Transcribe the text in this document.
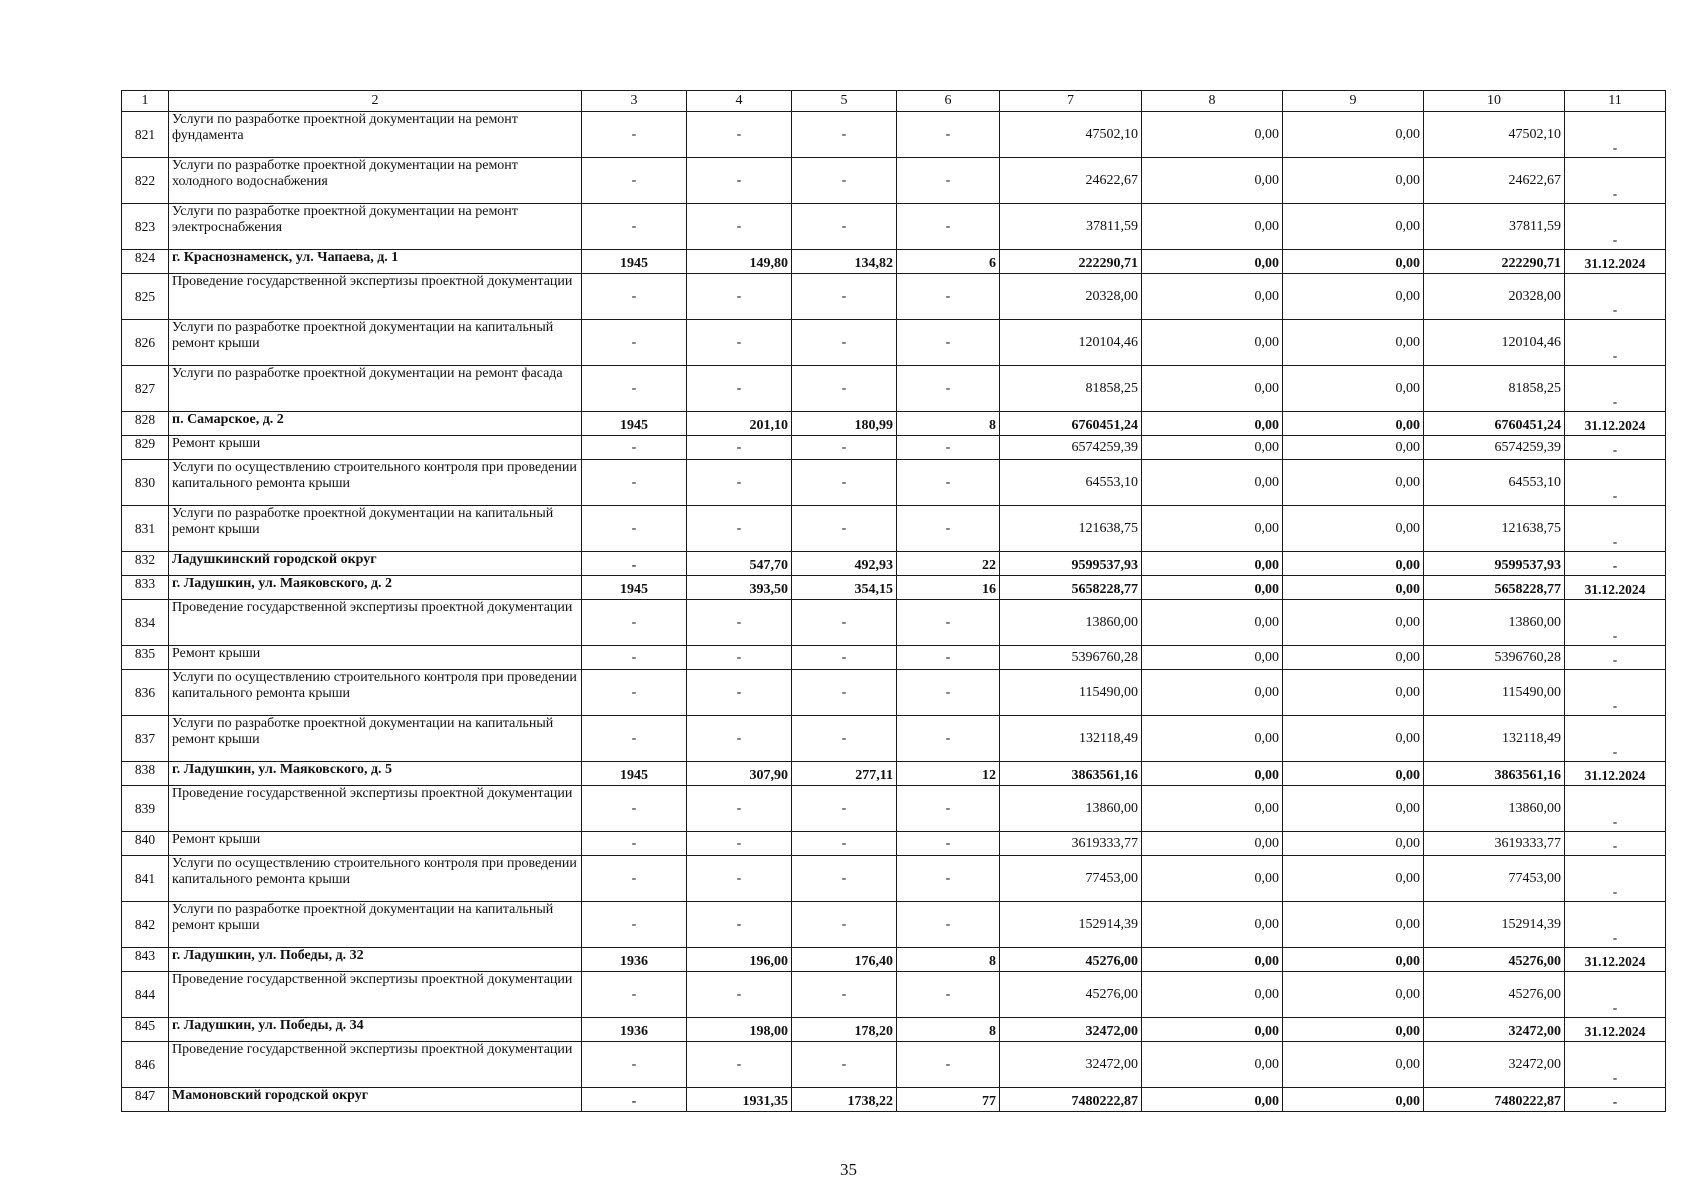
1	2	3	4	5	6	7	8	9	10	11
821	Услуги по разработке проектной документации на ремонт фундамента	-	-	-	-	47502,10	0,00	0,00	47502,10	-
822	Услуги по разработке проектной документации на ремонт холодного водоснабжения	-	-	-	-	24622,67	0,00	0,00	24622,67	-
823	Услуги по разработке проектной документации на ремонт электроснабжения	-	-	-	-	37811,59	0,00	0,00	37811,59	-
824	г. Краснознаменск, ул. Чапаева, д. 1	1945	149,80	134,82	6	222290,71	0,00	0,00	222290,71	31.12.2024
825	Проведение государственной экспертизы проектной документации	-	-	-	-	20328,00	0,00	0,00	20328,00	-
826	Услуги по разработке проектной документации на капитальный ремонт крыши	-	-	-	-	120104,46	0,00	0,00	120104,46	-
827	Услуги по разработке проектной документации на ремонт фасада	-	-	-	-	81858,25	0,00	0,00	81858,25	-
828	п. Самарское, д. 2	1945	201,10	180,99	8	6760451,24	0,00	0,00	6760451,24	31.12.2024
829	Ремонт крыши	-	-	-	-	6574259,39	0,00	0,00	6574259,39	-
830	Услуги по осуществлению строительного контроля при проведении капитального ремонта крыши	-	-	-	-	64553,10	0,00	0,00	64553,10	-
831	Услуги по разработке проектной документации на капитальный ремонт крыши	-	-	-	-	121638,75	0,00	0,00	121638,75	-
832	Ладушкинский городской округ	-	547,70	492,93	22	9599537,93	0,00	0,00	9599537,93	-
833	г. Ладушкин, ул. Маяковского, д. 2	1945	393,50	354,15	16	5658228,77	0,00	0,00	5658228,77	31.12.2024
834	Проведение государственной экспертизы проектной документации	-	-	-	-	13860,00	0,00	0,00	13860,00	-
835	Ремонт крыши	-	-	-	-	5396760,28	0,00	0,00	5396760,28	-
836	Услуги по осуществлению строительного контроля при проведении капитального ремонта крыши	-	-	-	-	115490,00	0,00	0,00	115490,00	-
837	Услуги по разработке проектной документации на капитальный ремонт крыши	-	-	-	-	132118,49	0,00	0,00	132118,49	-
838	г. Ладушкин, ул. Маяковского, д. 5	1945	307,90	277,11	12	3863561,16	0,00	0,00	3863561,16	31.12.2024
839	Проведение государственной экспертизы проектной документации	-	-	-	-	13860,00	0,00	0,00	13860,00	-
840	Ремонт крыши	-	-	-	-	3619333,77	0,00	0,00	3619333,77	-
841	Услуги по осуществлению строительного контроля при проведении капитального ремонта крыши	-	-	-	-	77453,00	0,00	0,00	77453,00	-
842	Услуги по разработке проектной документации на капитальный ремонт крыши	-	-	-	-	152914,39	0,00	0,00	152914,39	-
843	г. Ладушкин, ул. Победы, д. 32	1936	196,00	176,40	8	45276,00	0,00	0,00	45276,00	31.12.2024
844	Проведение государственной экспертизы проектной документации	-	-	-	-	45276,00	0,00	0,00	45276,00	-
845	г. Ладушкин, ул. Победы, д. 34	1936	198,00	178,20	8	32472,00	0,00	0,00	32472,00	31.12.2024
846	Проведение государственной экспертизы проектной документации	-	-	-	-	32472,00	0,00	0,00	32472,00	-
847	Мамоновский городской округ	-	1931,35	1738,22	77	7480222,87	0,00	0,00	7480222,87	-
35
